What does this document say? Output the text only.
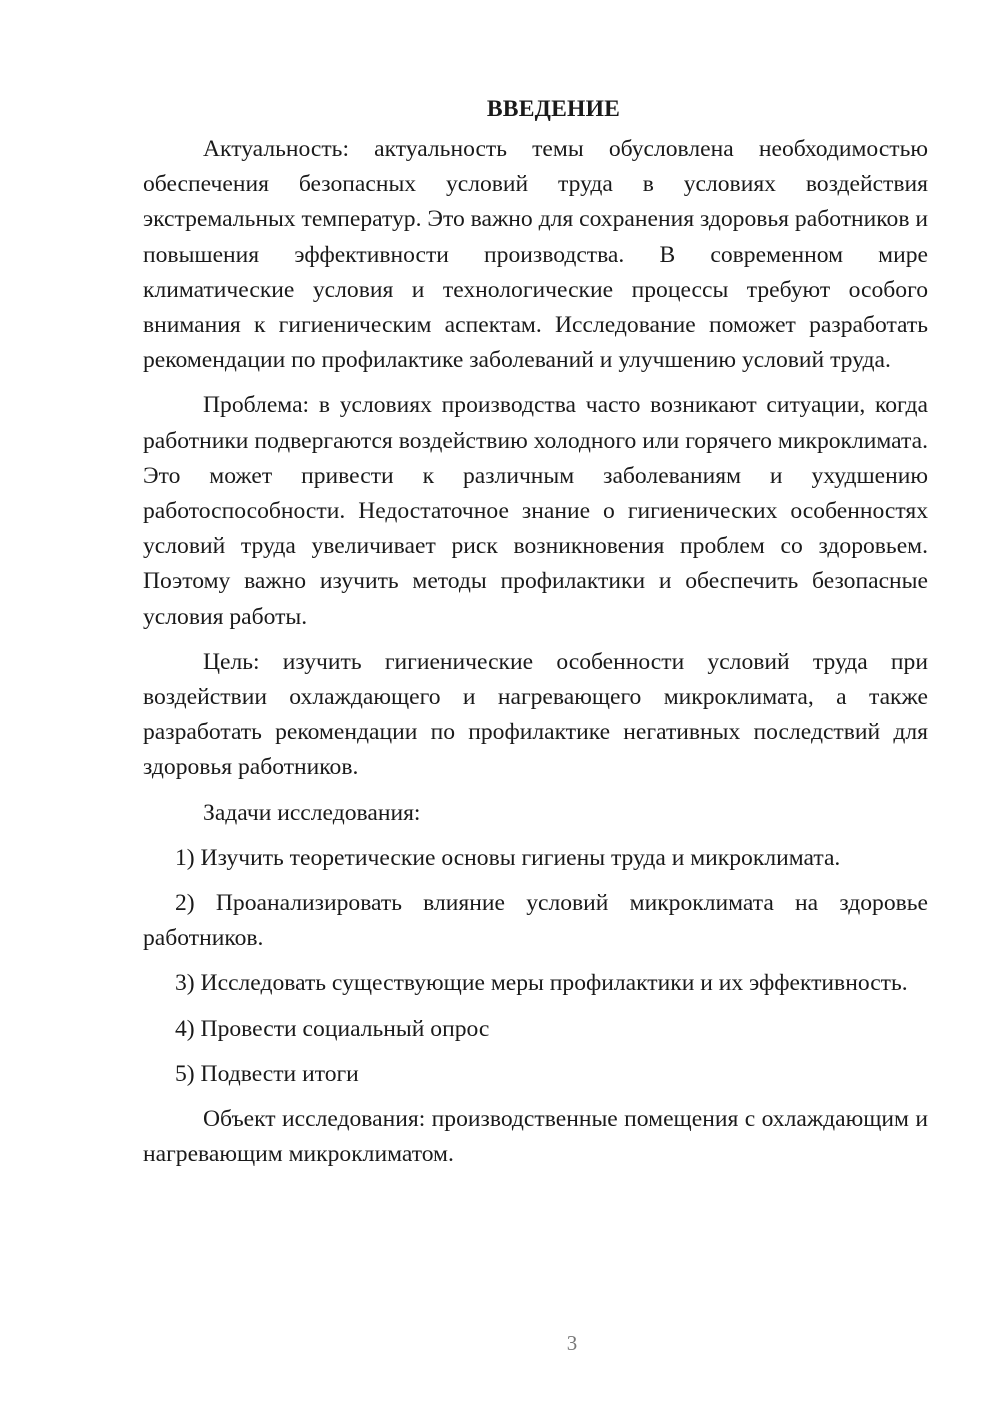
ВВЕДЕНИЕ

Актуальность: актуальность темы обусловлена необходимостью обеспечения безопасных условий труда в условиях воздействия экстремальных температур. Это важно для сохранения здоровья работников и повышения эффективности производства. В современном мире климатические условия и технологические процессы требуют особого внимания к гигиеническим аспектам. Исследование поможет разработать рекомендации по профилактике заболеваний и улучшению условий труда.

Проблема: в условиях производства часто возникают ситуации, когда работники подвергаются воздействию холодного или горячего микроклимата. Это может привести к различным заболеваниям и ухудшению работоспособности. Недостаточное знание о гигиенических особенностях условий труда увеличивает риск возникновения проблем со здоровьем. Поэтому важно изучить методы профилактики и обеспечить безопасные условия работы.

Цель: изучить гигиенические особенности условий труда при воздействии охлаждающего и нагревающего микроклимата, а также разработать рекомендации по профилактике негативных последствий для здоровья работников.

Задачи исследования:

1) Изучить теоретические основы гигиены труда и микроклимата.

2) Проанализировать влияние условий микроклимата на здоровье работников.

3) Исследовать существующие меры профилактики и их эффективность.

4) Провести социальный опрос

5) Подвести итоги

Объект исследования: производственные помещения с охлаждающим и нагревающим микроклиматом.

3
